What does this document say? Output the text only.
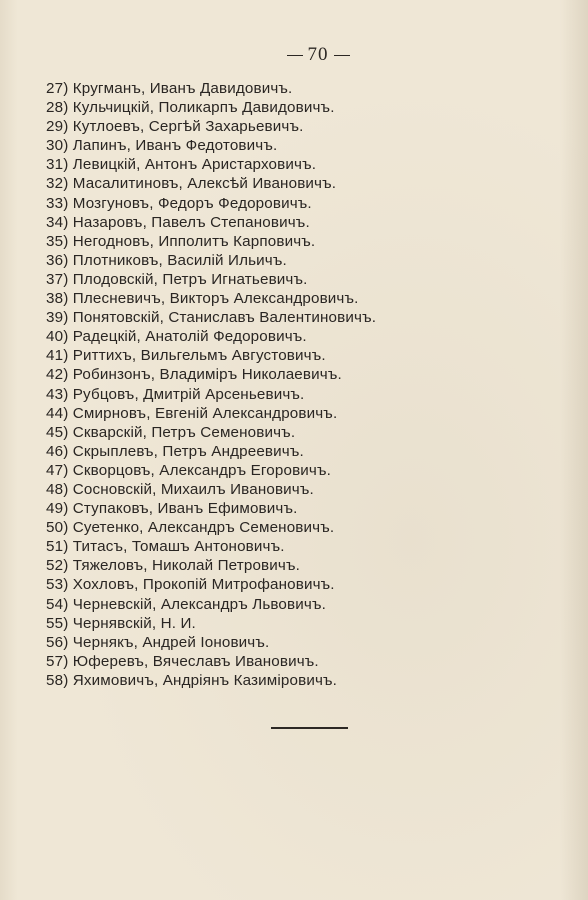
70
27) Кругманъ, Иванъ Давидовичъ.
28) Кульчицкій, Поликарпъ Давидовичъ.
29) Кутлоевъ, Сергѣй Захарьевичъ.
30) Лапинъ, Иванъ Федотовичъ.
31) Левицкій, Антонъ Аристарховичъ.
32) Масалитиновъ, Алексѣй Ивановичъ.
33) Мозгуновъ, Федоръ Федоровичъ.
34) Назаровъ, Павелъ Степановичъ.
35) Негодновъ, Ипполитъ Карповичъ.
36) Плотниковъ, Василій Ильичъ.
37) Плодовскій, Петръ Игнатьевичъ.
38) Плесневичъ, Викторъ Александровичъ.
39) Понятовскій, Станиславъ Валентиновичъ.
40) Радецкій, Анатолій Федоровичъ.
41) Риттихъ, Вильгельмъ Августовичъ.
42) Робинзонъ, Владиміръ Николаевичъ.
43) Рубцовъ, Дмитрій Арсеньевичъ.
44) Смирновъ, Евгеній Александровичъ.
45) Скварскій, Петръ Семеновичъ.
46) Скрыплевъ, Петръ Андреевичъ.
47) Скворцовъ, Александръ Егоровичъ.
48) Сосновскій, Михаилъ Ивановичъ.
49) Ступаковъ, Иванъ Ефимовичъ.
50) Суетенко, Александръ Семеновичъ.
51) Титасъ, Томашъ Антоновичъ.
52) Тяжеловъ, Николай Петровичъ.
53) Хохловъ, Прокопій Митрофановичъ.
54) Черневскій, Александръ Львовичъ.
55) Чернявскій, Н. И.
56) Чернякъ, Андрей Іоновичъ.
57) Юферевъ, Вячеславъ Ивановичъ.
58) Яхимовичъ, Андріянъ Казиміровичъ.
